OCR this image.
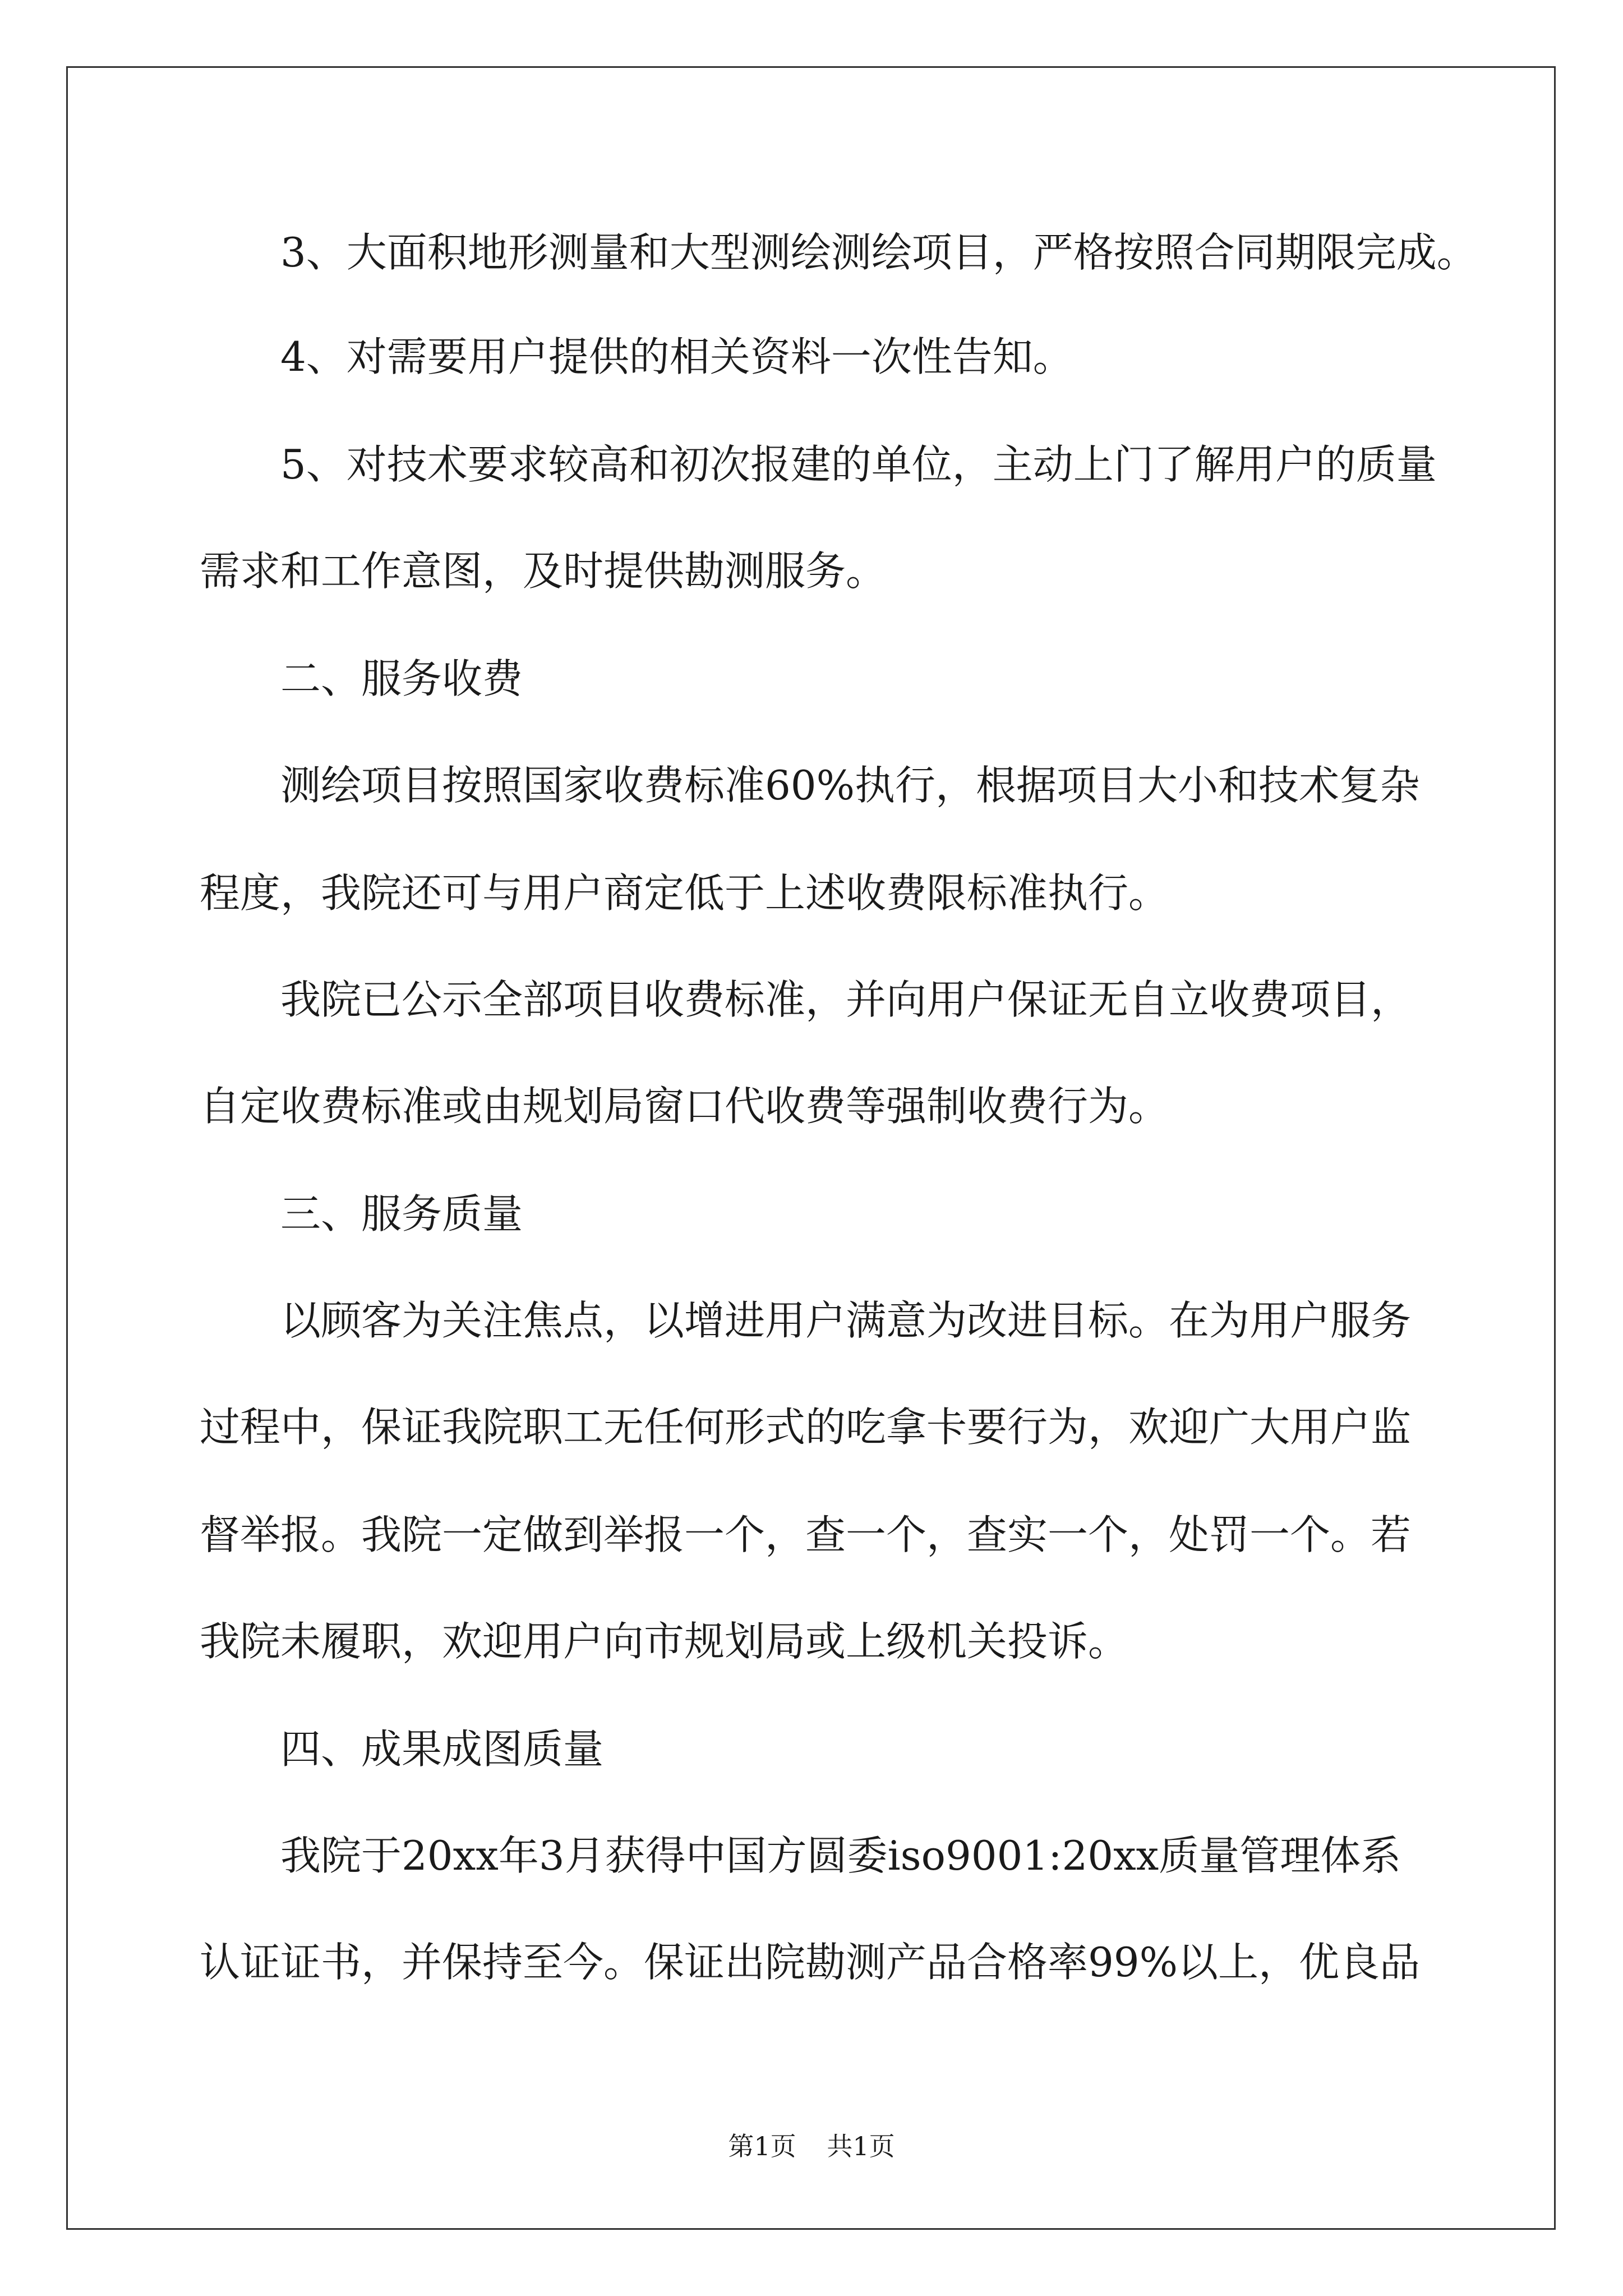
3、大面积地形测量和大型测绘测绘项目，严格按照合同期限完成。
4、对需要用户提供的相关资料一次性告知。
5、对技术要求较高和初次报建的单位，主动上门了解用户的质量
需求和工作意图，及时提供勘测服务。
二、服务收费
测绘项目按照国家收费标准60%执行，根据项目大小和技术复杂
程度，我院还可与用户商定低于上述收费限标准执行。
我院已公示全部项目收费标准，并向用户保证无自立收费项目，
自定收费标准或由规划局窗口代收费等强制收费行为。
三、服务质量
以顾客为关注焦点，以增进用户满意为改进目标。在为用户服务
过程中，保证我院职工无任何形式的吃拿卡要行为，欢迎广大用户监
督举报。我院一定做到举报一个，查一个，查实一个，处罚一个。若
我院未履职，欢迎用户向市规划局或上级机关投诉。
四、成果成图质量
我院于20xx年3月获得中国方圆委iso9001:20xx质量管理体系
认证证书，并保持至今。保证出院勘测产品合格率99%以上，优良品
第1页 共1页
